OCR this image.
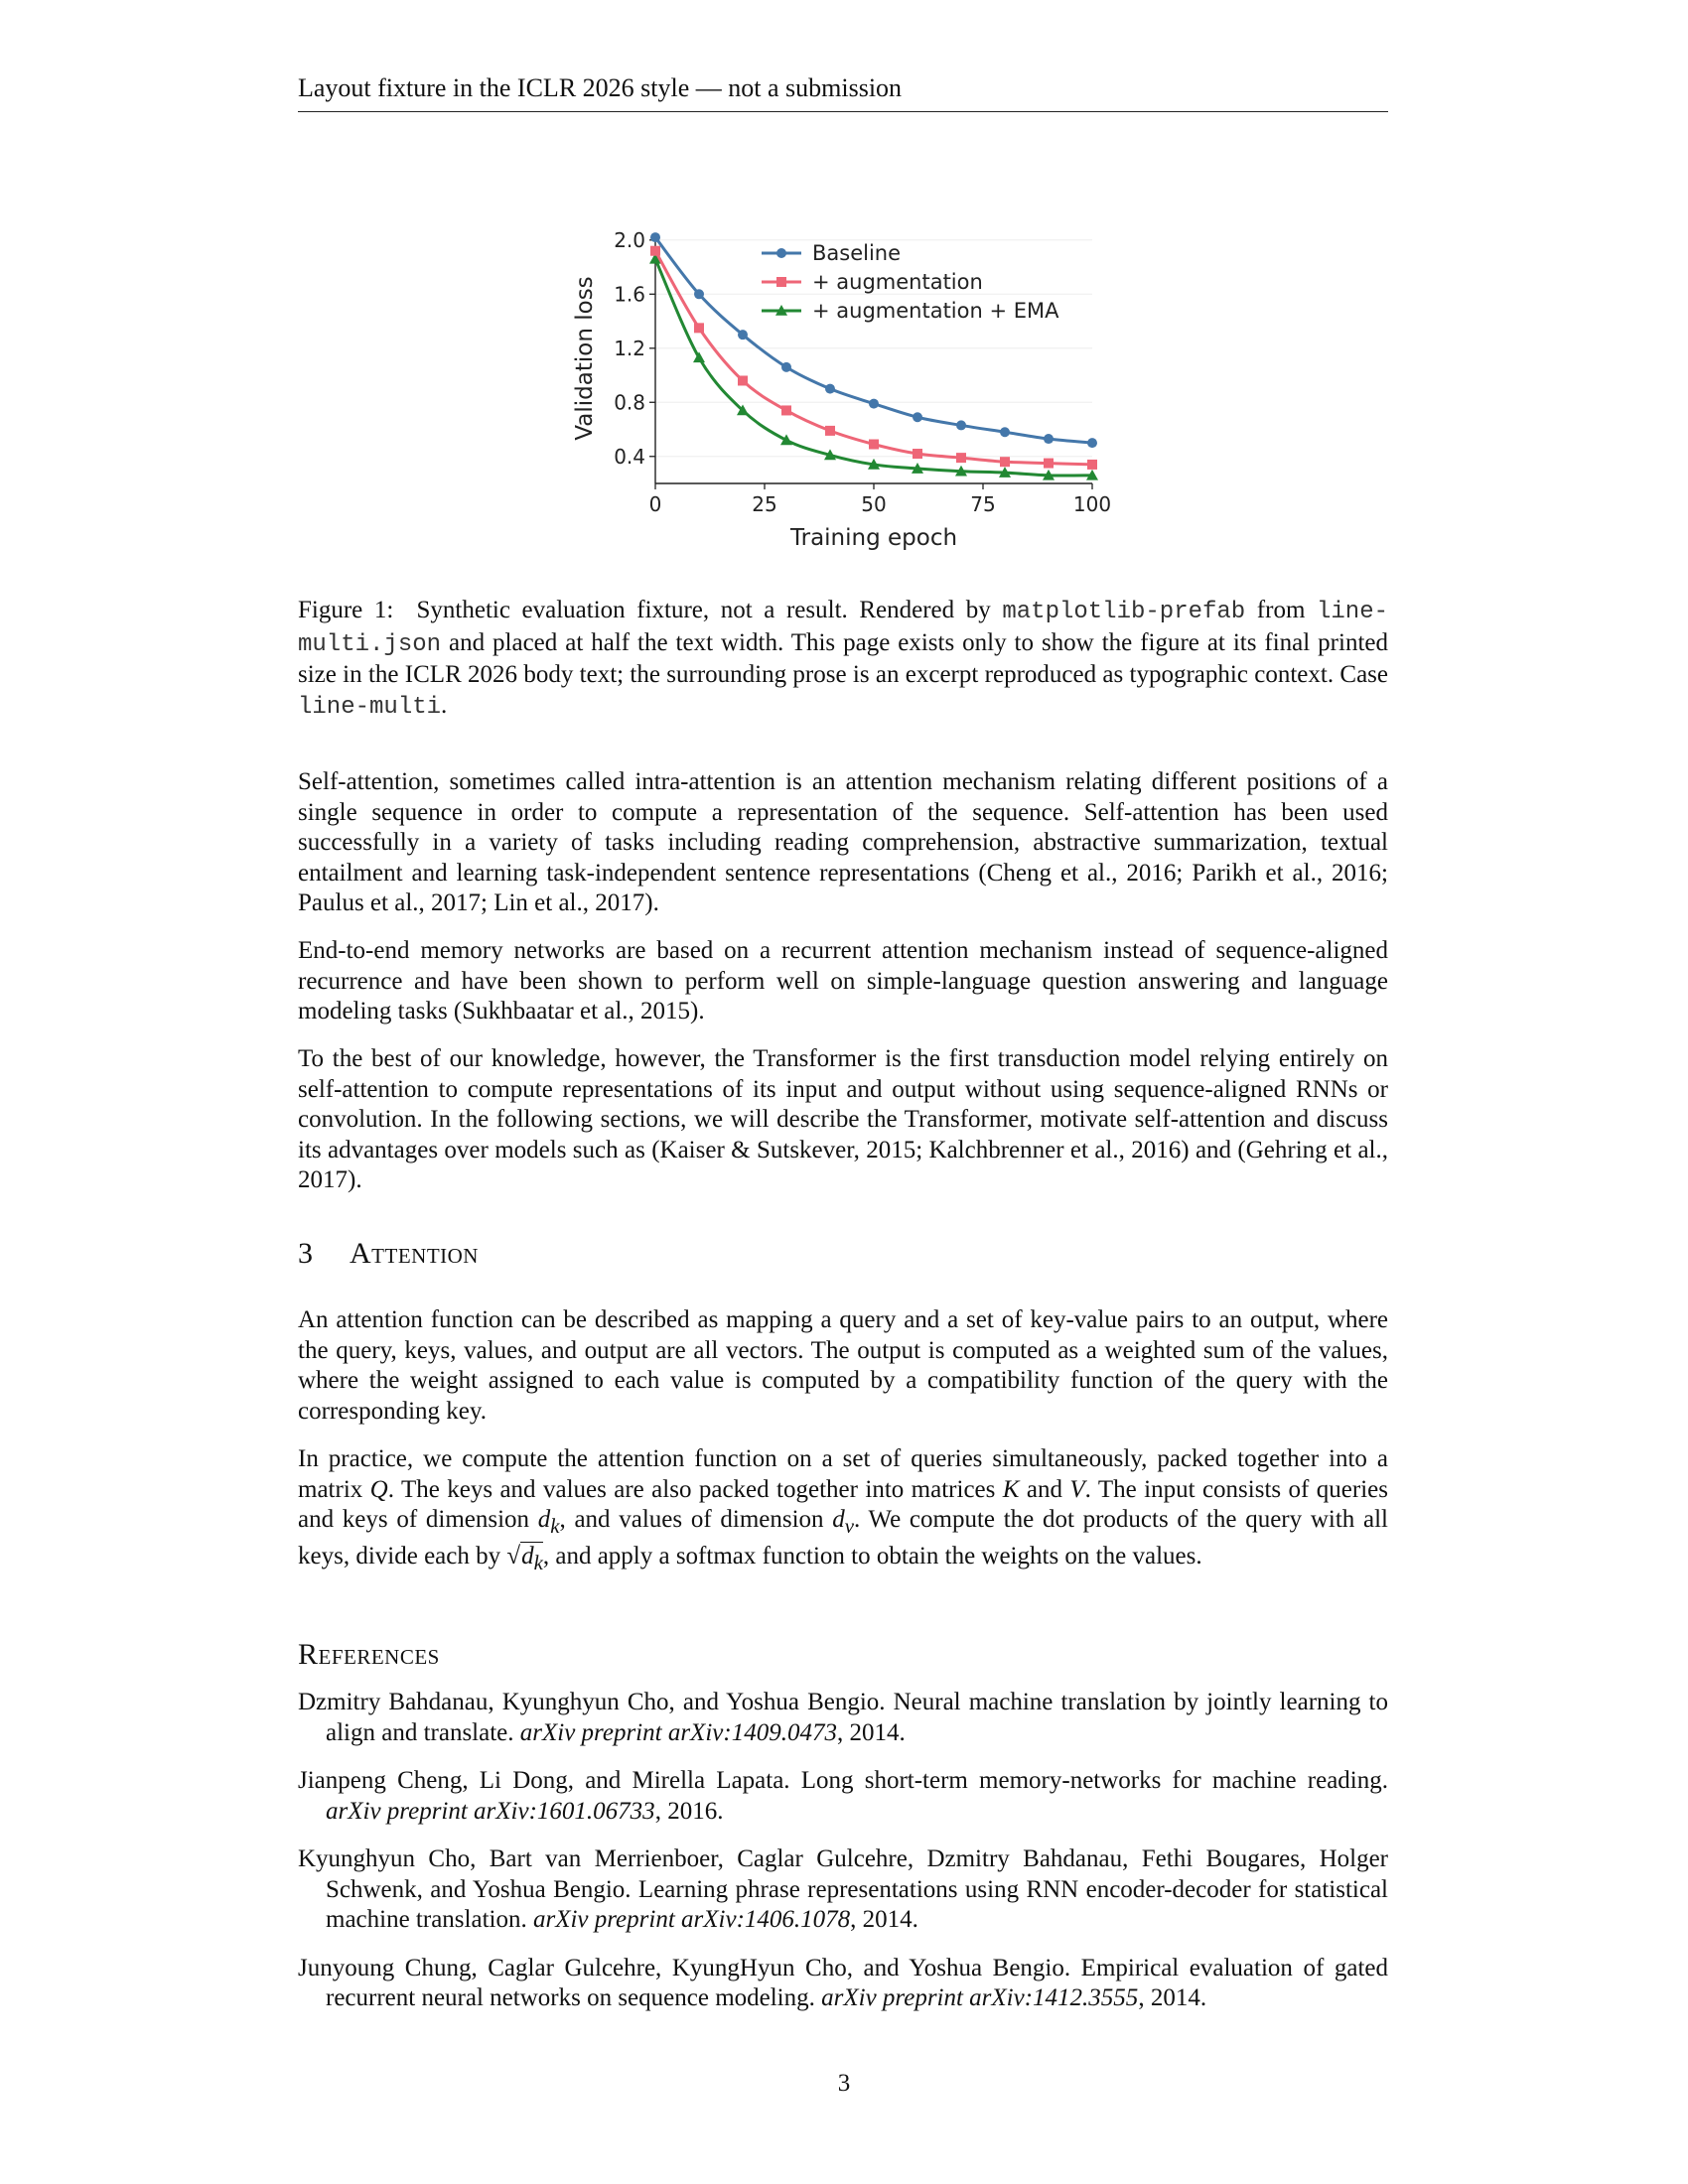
Layout fixture in the ICLR 2026 style — not a submission
0.4
0.8
1.2
1.6
2.0
0	25	50	75	100
Training epoch
Validation loss
Baseline
+ augmentation
+ augmentation + EMA
Figure 1: Synthetic evaluation fixture, not a result. Rendered by matplotlib-prefab from line-multi.json and placed at half the text width. This page exists only to show the figure at its final printed size in the ICLR 2026 body text; the surrounding prose is an excerpt reproduced as typographic context. Case line-multi.

Self-attention, sometimes called intra-attention is an attention mechanism relating different positions of a single sequence in order to compute a representation of the sequence. Self-attention has been used successfully in a variety of tasks including reading comprehension, abstractive summarization, textual entailment and learning task-independent sentence representations (Cheng et al., 2016; Parikh et al., 2016; Paulus et al., 2017; Lin et al., 2017).

End-to-end memory networks are based on a recurrent attention mechanism instead of sequence-aligned recurrence and have been shown to perform well on simple-language question answering and language modeling tasks (Sukhbaatar et al., 2015).

To the best of our knowledge, however, the Transformer is the first transduction model relying entirely on self-attention to compute representations of its input and output without using sequence-aligned RNNs or convolution. In the following sections, we will describe the Transformer, motivate self-attention and discuss its advantages over models such as (Kaiser & Sutskever, 2015; Kalchbrenner et al., 2016) and (Gehring et al., 2017).

3 Attention

An attention function can be described as mapping a query and a set of key-value pairs to an output, where the query, keys, values, and output are all vectors. The output is computed as a weighted sum of the values, where the weight assigned to each value is computed by a compatibility function of the query with the corresponding key.

In practice, we compute the attention function on a set of queries simultaneously, packed together into a matrix Q. The keys and values are also packed together into matrices K and V. The input consists of queries and keys of dimension $d_k$, and values of dimension $d_v$. We compute the dot products of the query with all keys, divide each by $√d_k$, and apply a softmax function to obtain the weights on the values.

References
Dzmitry Bahdanau, Kyunghyun Cho, and Yoshua Bengio. Neural machine translation by jointly learning to align and translate. arXiv preprint arXiv:1409.0473, 2014.
Jianpeng Cheng, Li Dong, and Mirella Lapata. Long short-term memory-networks for machine reading. arXiv preprint arXiv:1601.06733, 2016.
Kyunghyun Cho, Bart van Merrienboer, Caglar Gulcehre, Dzmitry Bahdanau, Fethi Bougares, Holger Schwenk, and Yoshua Bengio. Learning phrase representations using RNN encoder-decoder for statistical machine translation. arXiv preprint arXiv:1406.1078, 2014.
Junyoung Chung, Caglar Gulcehre, KyungHyun Cho, and Yoshua Bengio. Empirical evaluation of gated recurrent neural networks on sequence modeling. arXiv preprint arXiv:1412.3555, 2014.
3
